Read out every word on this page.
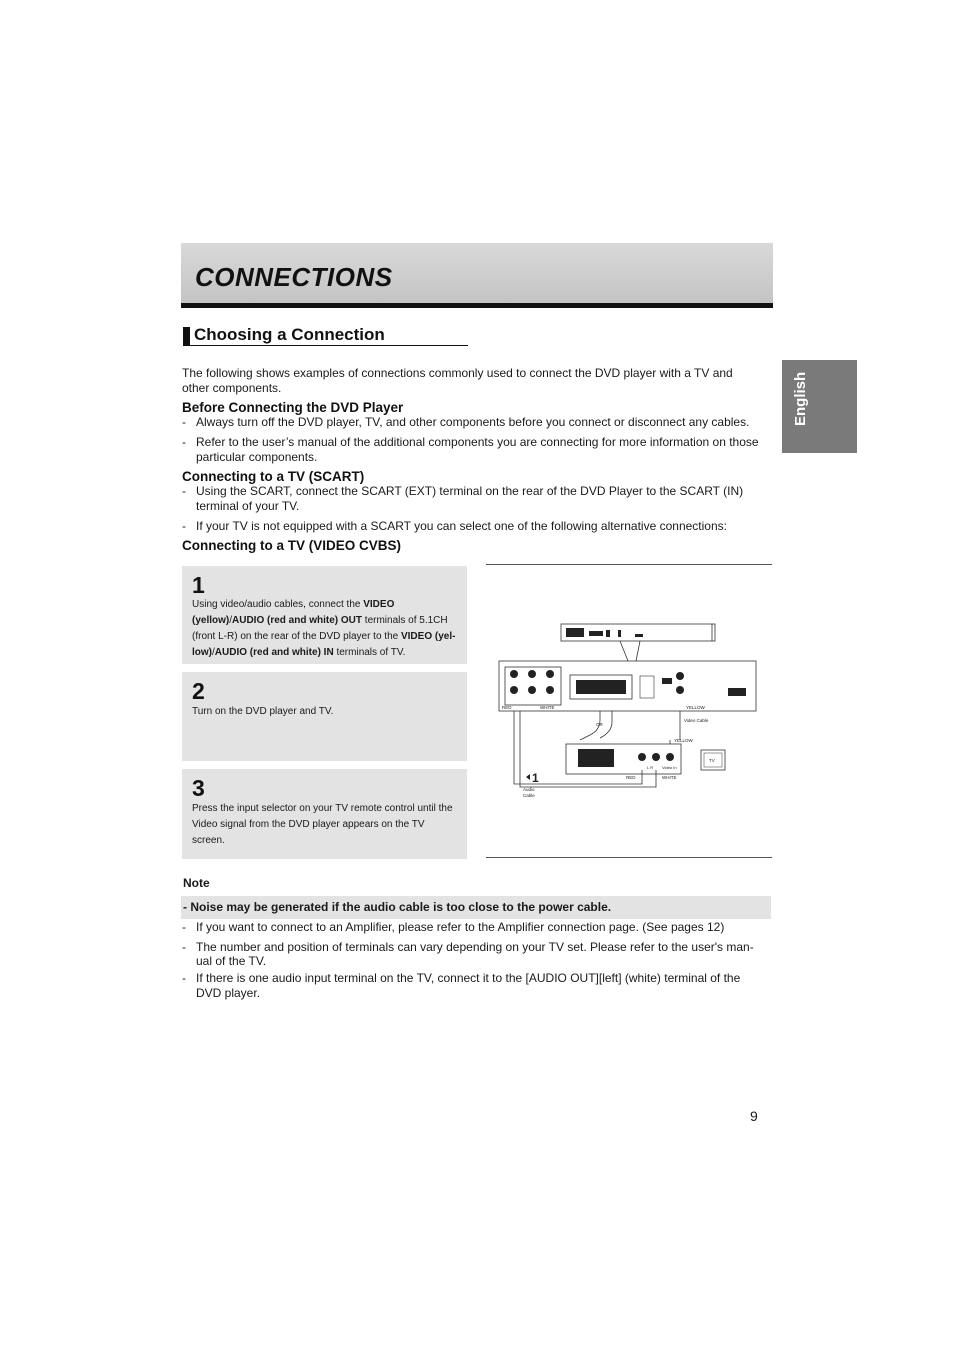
CONNECTIONS
Choosing a Connection
English
The following shows examples of connections commonly used to connect the DVD player with a TV and
other components.
Before Connecting the DVD Player
- Always turn off the DVD player, TV, and other components before you connect or disconnect any cables.
- Refer to the user’s manual of the additional components you are connecting for more information on those
particular components.
Connecting to a TV (SCART)
- Using the SCART, connect the SCART (EXT) terminal on the rear of the DVD Player to the SCART (IN)
terminal of your TV.
- If your TV is not equipped with a SCART you can select one of the following alternative connections:
Connecting to a TV (VIDEO CVBS)
1
Using video/audio cables, connect the VIDEO
(yellow)/AUDIO (red and white) OUT terminals of 5.1CH
(front L-R) on the rear of the DVD player to the VIDEO (yel-
low)/AUDIO (red and white) IN terminals of TV.
2
Turn on the DVD player and TV.
3
Press the input selector on your TV remote control until the
Video signal from the DVD player appears on the TV
screen.
RED	WHITE	YELLOW
OR
Video Cable
YELLOW
L R Video In
RED	WHITE
TV
1
Audio
Cable
Note
- Noise may be generated if the audio cable is too close to the power cable.
- If you want to connect to an Amplifier, please refer to the Amplifier connection page. (See pages 12)
- The number and position of terminals can vary depending on your TV set. Please refer to the user's man-
ual of the TV.
- If there is one audio input terminal on the TV, connect it to the [AUDIO OUT][left] (white) terminal of the
DVD player.
9
